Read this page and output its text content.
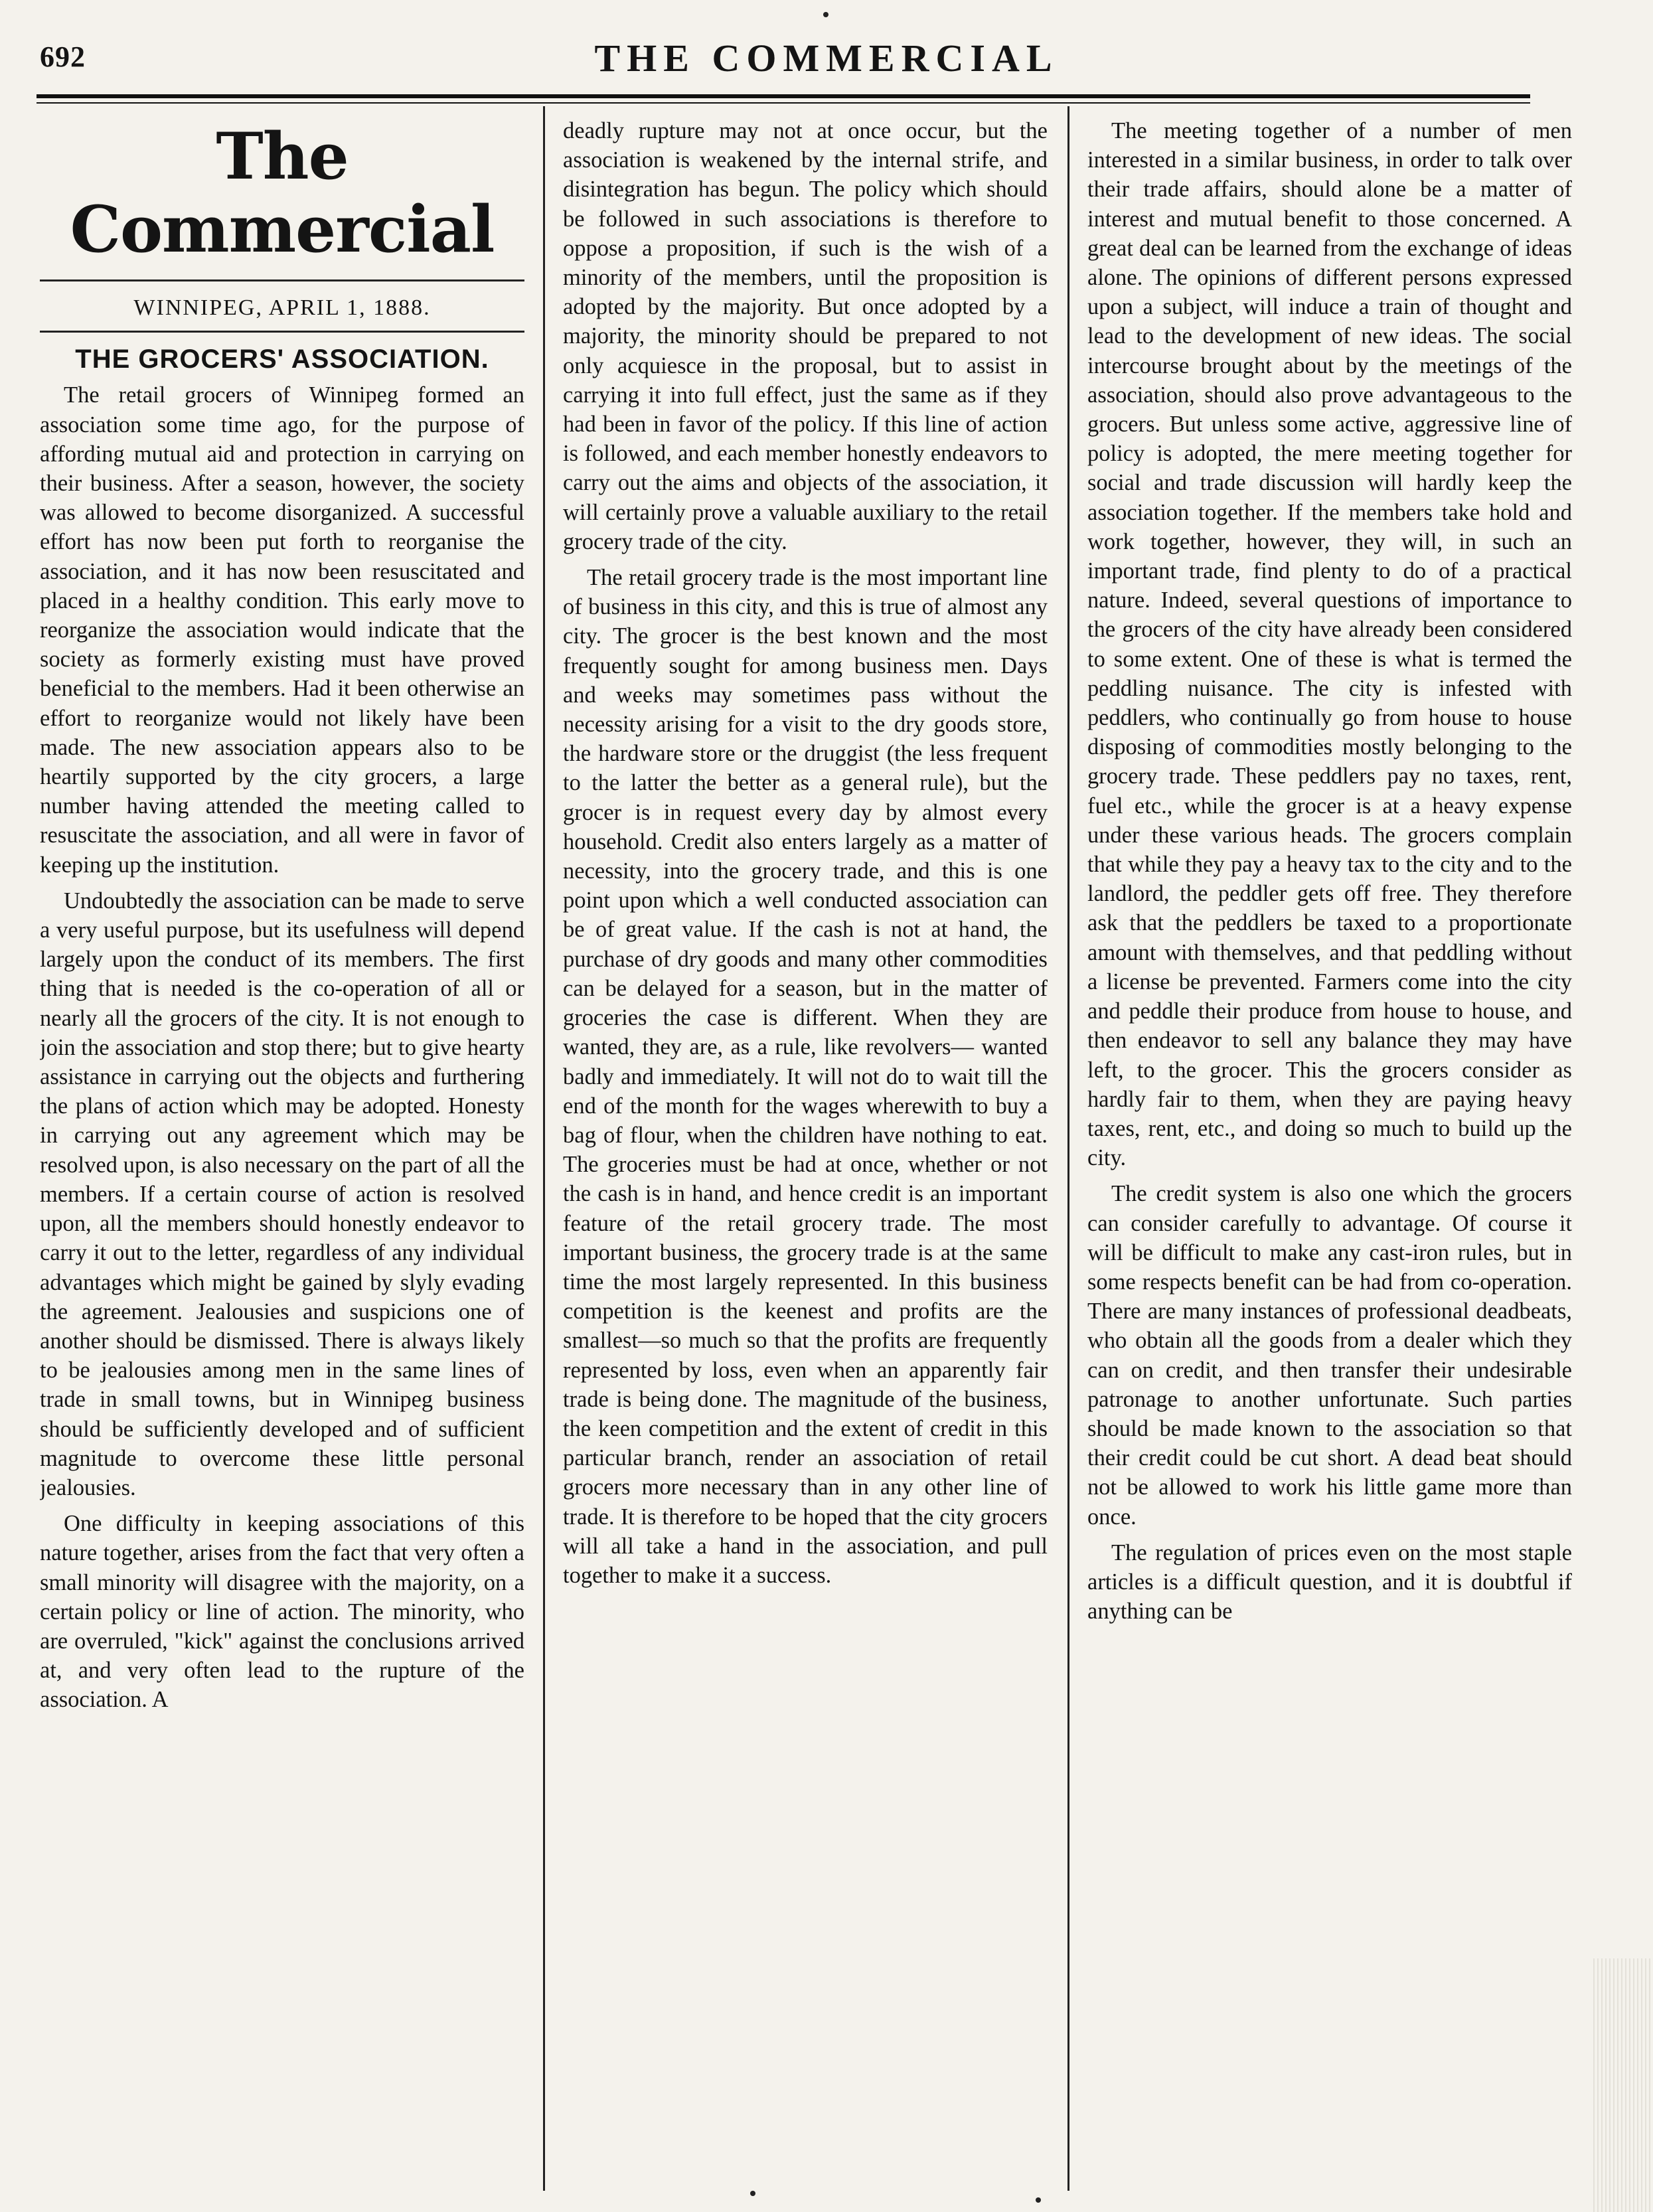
692	THE COMMERCIAL
The Commercial
WINNIPEG, APRIL 1, 1888.
THE GROCERS' ASSOCIATION.

The retail grocers of Winnipeg formed an association some time ago, for the purpose of affording mutual aid and protection in carrying on their business. After a season, however, the society was allowed to become disorganized. A successful effort has now been put forth to reorganise the association, and it has now been resuscitated and placed in a healthy condition. This early move to reorganize the association would indicate that the society as formerly existing must have proved beneficial to the members. Had it been otherwise an effort to reorganize would not likely have been made. The new association appears also to be heartily supported by the city grocers, a large number having attended the meeting called to resuscitate the association, and all were in favor of keeping up the institution.

Undoubtedly the association can be made to serve a very useful purpose, but its usefulness will depend largely upon the conduct of its members. The first thing that is needed is the co-operation of all or nearly all the grocers of the city. It is not enough to join the association and stop there; but to give hearty assistance in carrying out the objects and furthering the plans of action which may be adopted. Honesty in carrying out any agreement which may be resolved upon, is also necessary on the part of all the members. If a certain course of action is resolved upon, all the members should honestly endeavor to carry it out to the letter, regardless of any individual advantages which might be gained by slyly evading the agreement. Jealousies and suspicions one of another should be dismissed. There is always likely to be jealousies among men in the same lines of trade in small towns, but in Winnipeg business should be sufficiently developed and of sufficient magnitude to overcome these little personal jealousies.

One difficulty in keeping associations of this nature together, arises from the fact that very often a small minority will disagree with the majority, on a certain policy or line of action. The minority, who are overruled, "kick" against the conclusions arrived at, and very often lead to the rupture of the association. A

deadly rupture may not at once occur, but the association is weakened by the internal strife, and disintegration has begun. The policy which should be followed in such associations is therefore to oppose a proposition, if such is the wish of a minority of the members, until the proposition is adopted by the majority. But once adopted by a majority, the minority should be prepared to not only acquiesce in the proposal, but to assist in carrying it into full effect, just the same as if they had been in favor of the policy. If this line of action is followed, and each member honestly endeavors to carry out the aims and objects of the association, it will certainly prove a valuable auxiliary to the retail grocery trade of the city.

The retail grocery trade is the most important line of business in this city, and this is true of almost any city. The grocer is the best known and the most frequently sought for among business men. Days and weeks may sometimes pass without the necessity arising for a visit to the dry goods store, the hardware store or the druggist (the less frequent to the latter the better as a general rule), but the grocer is in request every day by almost every household. Credit also enters largely as a matter of necessity, into the grocery trade, and this is one point upon which a well conducted association can be of great value. If the cash is not at hand, the purchase of dry goods and many other commodities can be delayed for a season, but in the matter of groceries the case is different. When they are wanted, they are, as a rule, like revolvers— wanted badly and immediately. It will not do to wait till the end of the month for the wages wherewith to buy a bag of flour, when the children have nothing to eat. The groceries must be had at once, whether or not the cash is in hand, and hence credit is an important feature of the retail grocery trade. The most important business, the grocery trade is at the same time the most largely represented. In this business competition is the keenest and profits are the smallest—so much so that the profits are frequently represented by loss, even when an apparently fair trade is being done. The magnitude of the business, the keen competition and the extent of credit in this particular branch, render an association of retail grocers more necessary than in any other line of trade. It is therefore to be hoped that the city grocers will all take a hand in the association, and pull together to make it a success.

The meeting together of a number of men interested in a similar business, in order to talk over their trade affairs, should alone be a matter of interest and mutual benefit to those concerned. A great deal can be learned from the exchange of ideas alone. The opinions of different persons expressed upon a subject, will induce a train of thought and lead to the development of new ideas. The social intercourse brought about by the meetings of the association, should also prove advantageous to the grocers. But unless some active, aggressive line of policy is adopted, the mere meeting together for social and trade discussion will hardly keep the association together. If the members take hold and work together, however, they will, in such an important trade, find plenty to do of a practical nature. Indeed, several questions of importance to the grocers of the city have already been considered to some extent. One of these is what is termed the peddling nuisance. The city is infested with peddlers, who continually go from house to house disposing of commodities mostly belonging to the grocery trade. These peddlers pay no taxes, rent, fuel etc., while the grocer is at a heavy expense under these various heads. The grocers complain that while they pay a heavy tax to the city and to the landlord, the peddler gets off free. They therefore ask that the peddlers be taxed to a proportionate amount with themselves, and that peddling without a license be prevented. Farmers come into the city and peddle their produce from house to house, and then endeavor to sell any balance they may have left, to the grocer. This the grocers consider as hardly fair to them, when they are paying heavy taxes, rent, etc., and doing so much to build up the city.

The credit system is also one which the grocers can consider carefully to advantage. Of course it will be difficult to make any cast-iron rules, but in some respects benefit can be had from co-operation. There are many instances of professional deadbeats, who obtain all the goods from a dealer which they can on credit, and then transfer their undesirable patronage to another unfortunate. Such parties should be made known to the association so that their credit could be cut short. A dead beat should not be allowed to work his little game more than once.

The regulation of prices even on the most staple articles is a difficult question, and it is doubtful if anything can be
